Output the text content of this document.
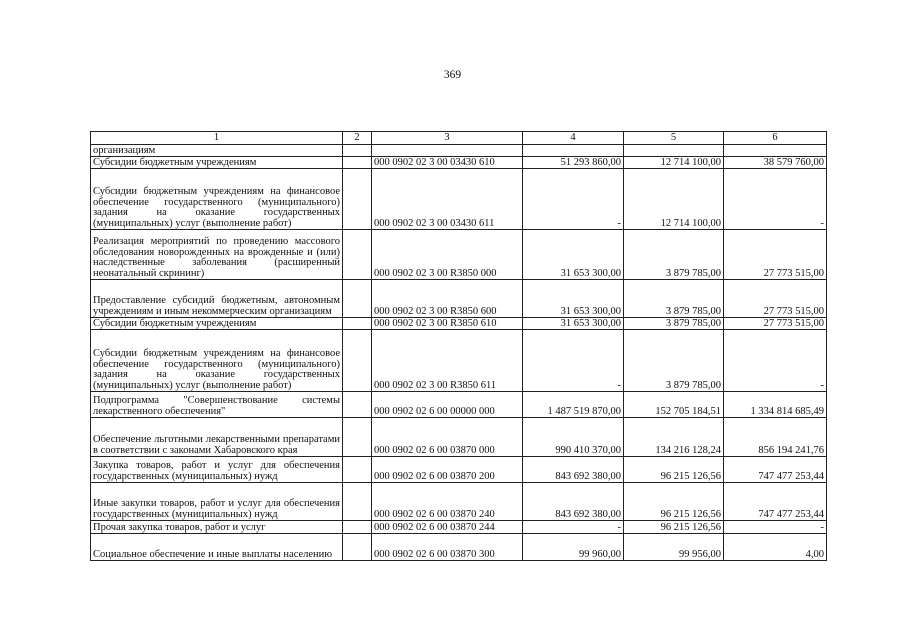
369
1	2	3	4	5	6
организациям					
Субсидии бюджетным учреждениям		000 0902 02 3 00 03430 610	51 293 860,00	12 714 100,00	38 579 760,00
Субсидии бюджетным учреждениям на финансовое обеспечение государственного (муниципального) задания на оказание государственных (муниципальных) услуг (выполнение работ)		000 0902 02 3 00 03430 611	-	12 714 100,00	-
Реализация мероприятий по проведению массового обследования новорожденных на врожденные и (или) наследственные заболевания (расширенный неонатальный скрининг)		000 0902 02 3 00 R3850 000	31 653 300,00	3 879 785,00	27 773 515,00
Предоставление субсидий бюджетным, автономным учреждениям и иным некоммерческим организациям		000 0902 02 3 00 R3850 600	31 653 300,00	3 879 785,00	27 773 515,00
Субсидии бюджетным учреждениям		000 0902 02 3 00 R3850 610	31 653 300,00	3 879 785,00	27 773 515,00
Субсидии бюджетным учреждениям на финансовое обеспечение государственного (муниципального) задания на оказание государственных (муниципальных) услуг (выполнение работ)		000 0902 02 3 00 R3850 611	-	3 879 785,00	-
Подпрограмма "Совершенствование системы лекарственного обеспечения"		000 0902 02 6 00 00000 000	1 487 519 870,00	152 705 184,51	1 334 814 685,49
Обеспечение льготными лекарственными препаратами в соответствии с законами Хабаровского края		000 0902 02 6 00 03870 000	990 410 370,00	134 216 128,24	856 194 241,76
Закупка товаров, работ и услуг для обеспечения государственных (муниципальных) нужд		000 0902 02 6 00 03870 200	843 692 380,00	96 215 126,56	747 477 253,44
Иные закупки товаров, работ и услуг для обеспечения государственных (муниципальных) нужд		000 0902 02 6 00 03870 240	843 692 380,00	96 215 126,56	747 477 253,44
Прочая закупка товаров, работ и услуг		000 0902 02 6 00 03870 244	-	96 215 126,56	-
Социальное обеспечение и иные выплаты населению		000 0902 02 6 00 03870 300	99 960,00	99 956,00	4,00
